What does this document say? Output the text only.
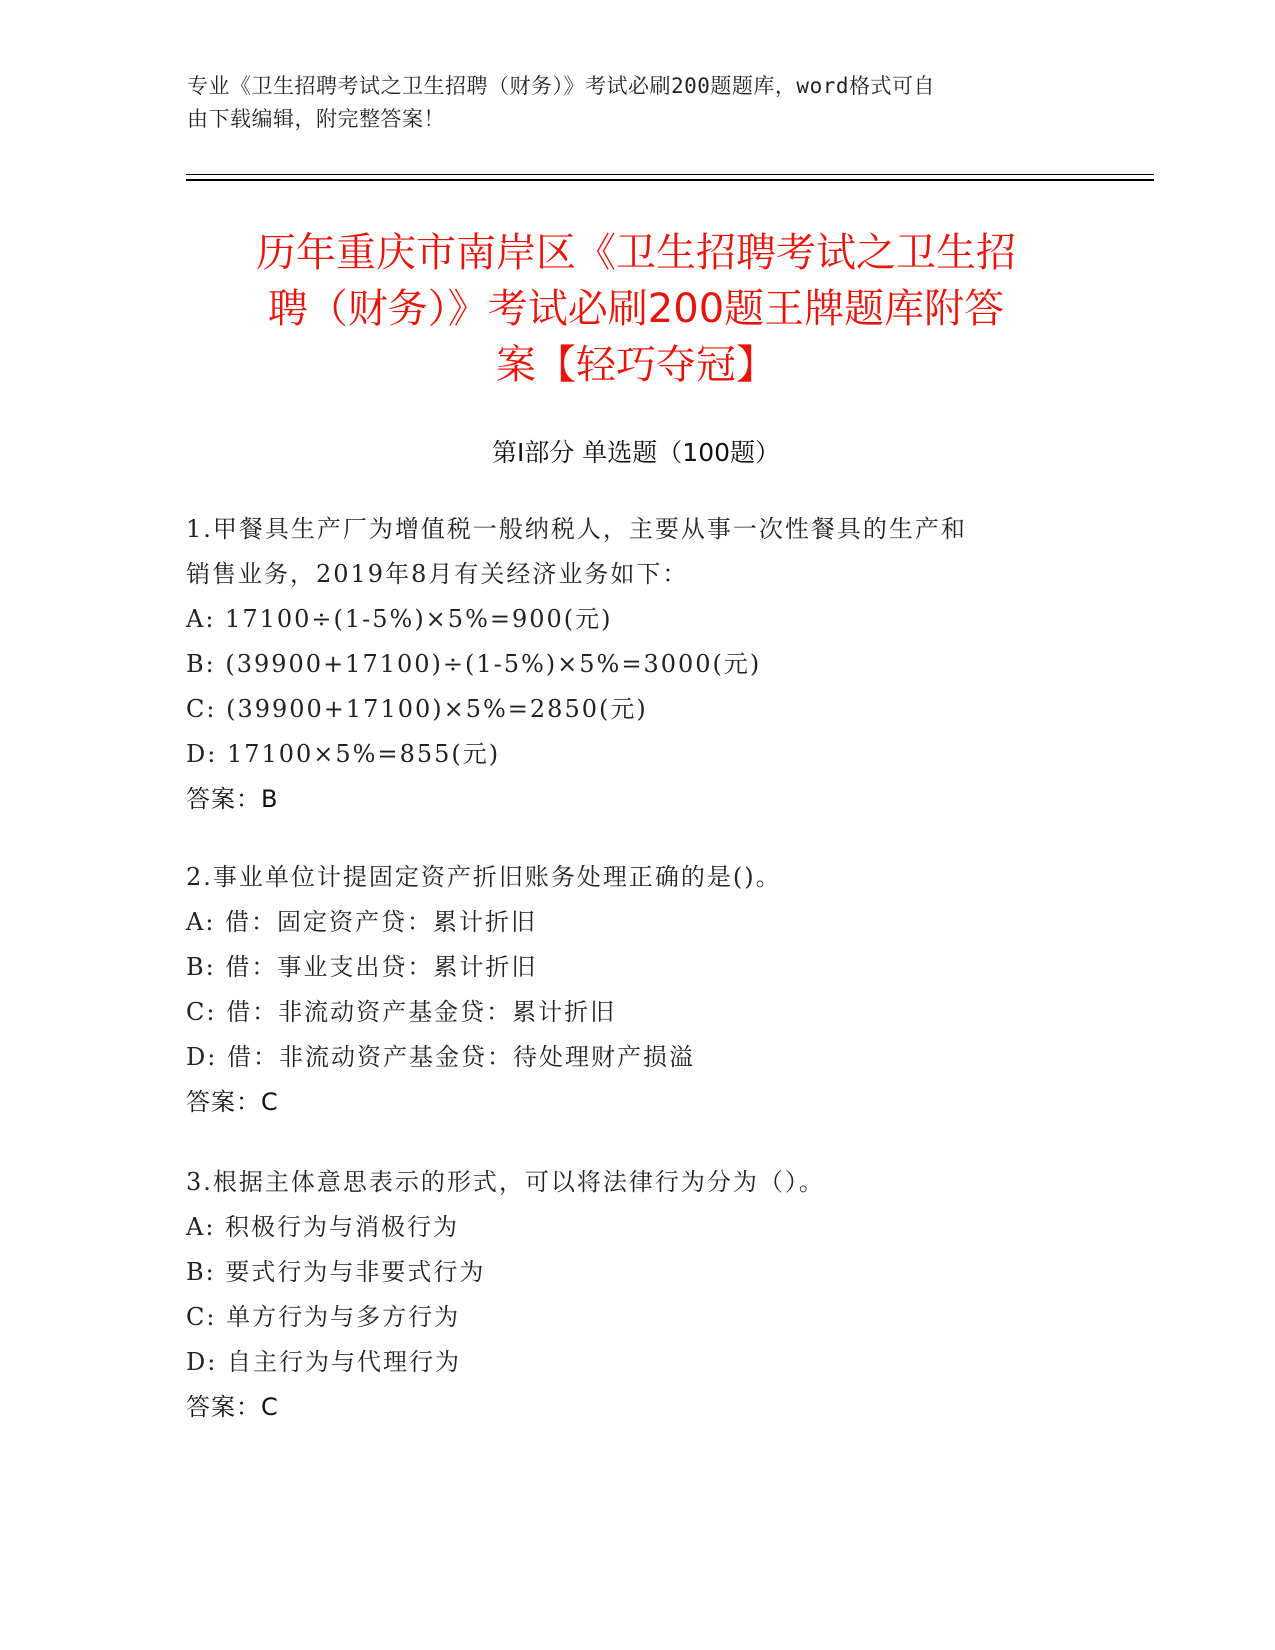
专业《卫生招聘考试之卫生招聘（财务）》考试必刷200题题库，word格式可自
由下载编辑，附完整答案！
历年重庆市南岸区《卫生招聘考试之卫生招
聘（财务）》考试必刷200题王牌题库附答
案【轻巧夺冠】
第Ⅰ部分 单选题（100题）
1.甲餐具生产厂为增值税一般纳税人，主要从事一次性餐具的生产和
销售业务，2019年8月有关经济业务如下：
A: 17100÷(1-5%)×5%=900(元)
B: (39900+17100)÷(1-5%)×5%=3000(元)
C: (39900+17100)×5%=2850(元)
D: 17100×5%=855(元)
答案：B
2.事业单位计提固定资产折旧账务处理正确的是()。
A: 借：固定资产贷：累计折旧
B: 借：事业支出贷：累计折旧
C: 借：非流动资产基金贷：累计折旧
D: 借：非流动资产基金贷：待处理财产损溢
答案：C
3.根据主体意思表示的形式，可以将法律行为分为（）。
A: 积极行为与消极行为
B: 要式行为与非要式行为
C: 单方行为与多方行为
D: 自主行为与代理行为
答案：C
